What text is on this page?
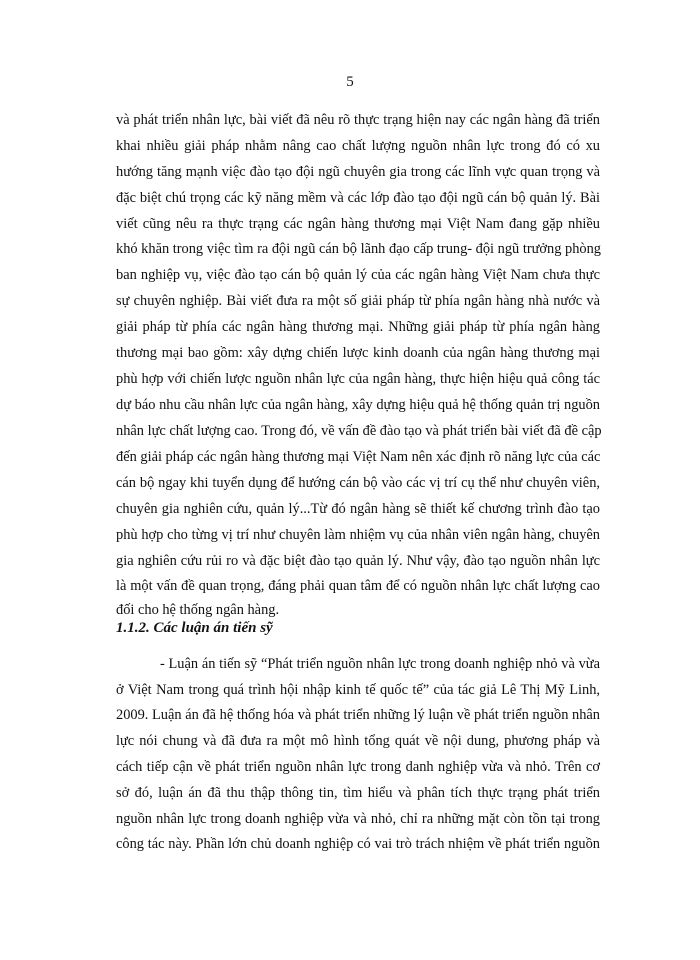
5
và phát triển nhân lực, bài viết đã nêu rõ thực trạng hiện nay các ngân hàng đã triển
khai nhiều giải pháp nhằm nâng cao chất lượng nguồn nhân lực trong đó có xu
hướng tăng mạnh việc đào tạo đội ngũ chuyên gia trong các lĩnh vực quan trọng và
đặc biệt chú trọng các kỹ năng mềm và các lớp đào tạo đội ngũ cán bộ quản lý. Bài
viết cũng nêu ra thực trạng các ngân hàng thương mại Việt Nam đang gặp nhiều
khó khăn trong việc tìm ra đội ngũ cán bộ lãnh đạo cấp trung- đội ngũ trưởng phòng
ban nghiệp vụ, việc đào tạo cán bộ quản lý của các ngân hàng Việt Nam chưa thực
sự chuyên nghiệp. Bài viết đưa ra một số giải pháp từ phía ngân hàng nhà nước và
giải pháp từ phía các ngân hàng thương mại. Những giải pháp từ phía ngân hàng
thương mại bao gồm: xây dựng chiến lược kinh doanh của ngân hàng thương mại
phù hợp với chiến lược nguồn nhân lực của ngân hàng, thực hiện hiệu quả công tác
dự báo nhu cầu nhân lực của ngân hàng, xây dựng hiệu quả hệ thống quản trị nguồn
nhân lực chất lượng cao. Trong đó, về vấn đề đào tạo và phát triển bài viết đã đề cập
đến giải pháp các ngân hàng thương mại Việt Nam nên xác định rõ năng lực của các
cán bộ ngay khi tuyển dụng để hướng cán bộ vào các vị trí cụ thể như chuyên viên,
chuyên gia nghiên cứu, quản lý...Từ đó ngân hàng sẽ thiết kế chương trình đào tạo
phù hợp cho từng vị trí như chuyên làm nhiệm vụ của nhân viên ngân hàng, chuyên
gia nghiên cứu rủi ro và đặc biệt đào tạo quản lý. Như vậy, đào tạo nguồn nhân lực
là một vấn đề quan trọng, đáng phải quan tâm để có nguồn nhân lực chất lượng cao
đối cho hệ thống ngân hàng.
1.1.2. Các luận án tiến sỹ
- Luận án tiến sỹ “Phát triển nguồn nhân lực trong doanh nghiệp nhỏ và vừa
ở Việt Nam trong quá trình hội nhập kinh tế quốc tế” của tác giả Lê Thị Mỹ Linh,
2009. Luận án đã hệ thống hóa và phát triển những lý luận về phát triển nguồn nhân
lực nói chung và đã đưa ra một mô hình tổng quát về nội dung, phương pháp và
cách tiếp cận về phát triển nguồn nhân lực trong danh nghiệp vừa và nhỏ. Trên cơ
sở đó, luận án đã thu thập thông tin, tìm hiểu và phân tích thực trạng phát triển
nguồn nhân lực trong doanh nghiệp vừa và nhỏ, chỉ ra những mặt còn tồn tại trong
công tác này. Phần lớn chủ doanh nghiệp có vai trò trách nhiệm về phát triển nguồn
